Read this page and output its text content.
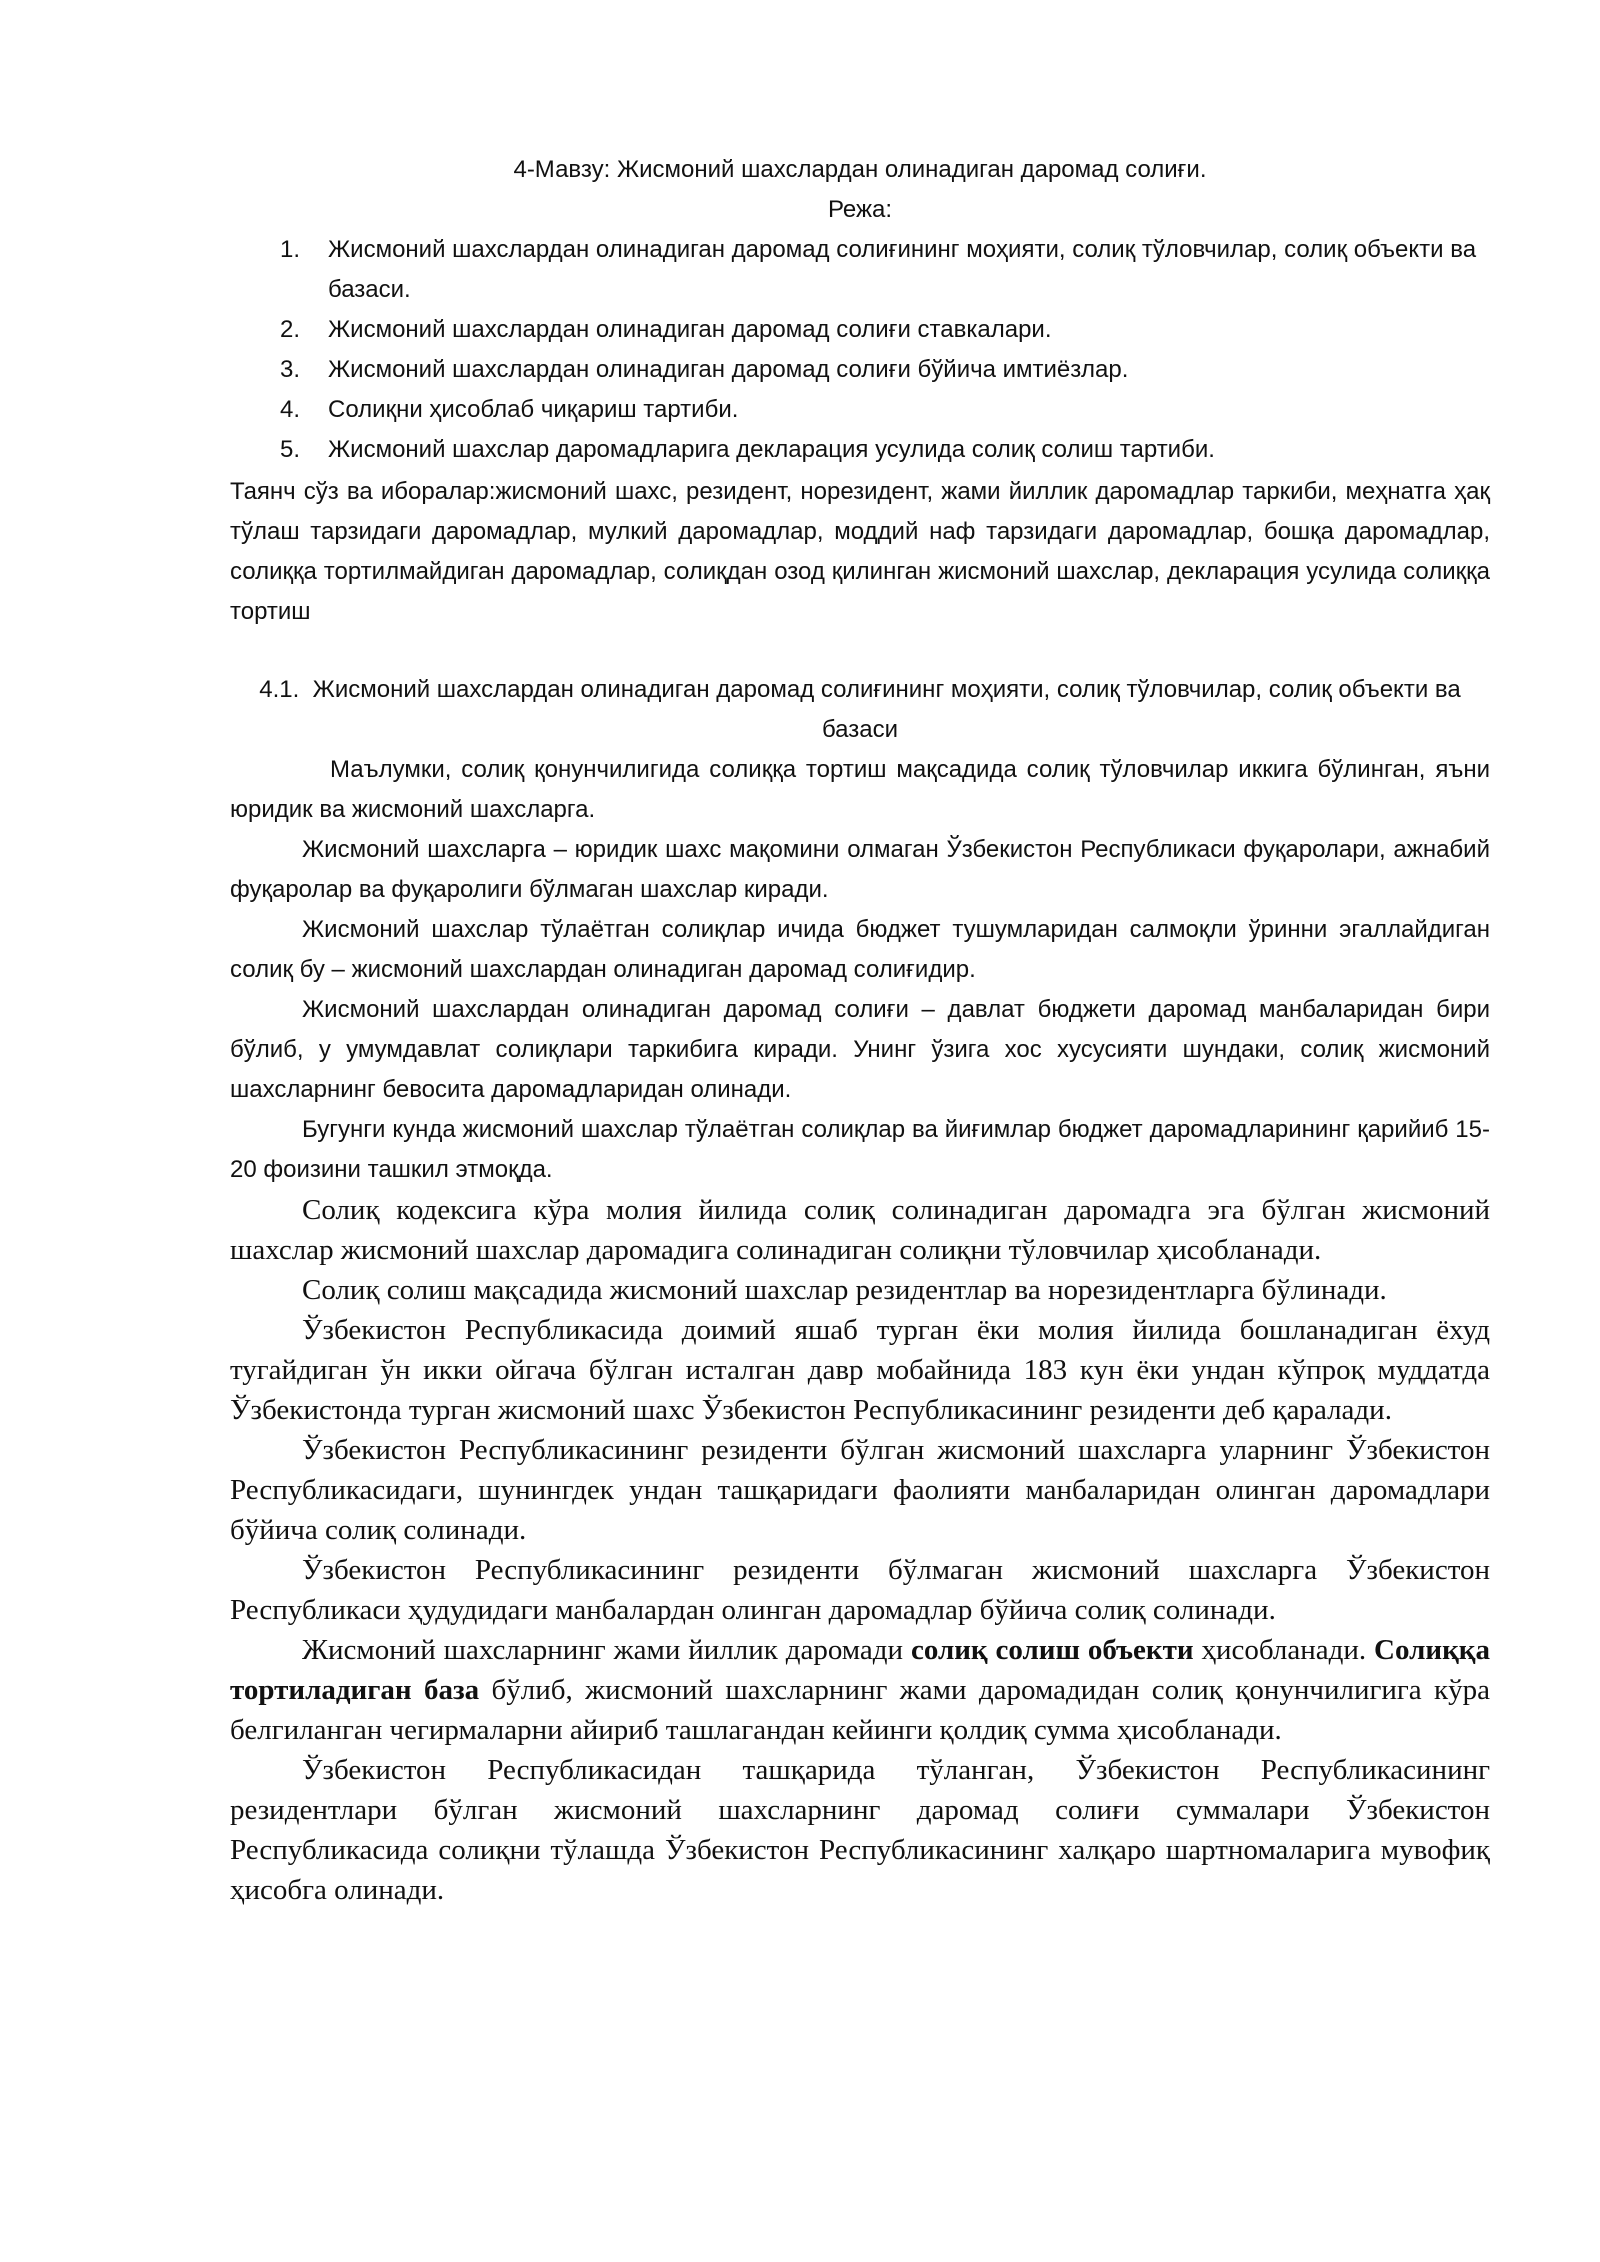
4-Мавзу: Жисмоний шахслардан олинадиган даромад солиғи.

Режа:

1.	Жисмоний шахслардан олинадиган даромад солиғининг моҳияти, солиқ тўловчилар, солиқ объекти ва базаси.
2.	Жисмоний шахслардан олинадиган даромад солиғи ставкалари.
3.	Жисмоний шахслардан олинадиган даромад солиғи бўйича имтиёзлар.
4.	Солиқни ҳисоблаб чиқариш тартиби.
5.	Жисмоний шахслар даромадларига декларация усулида солиқ солиш тартиби.

Таянч сўз ва иборалар:жисмоний шахс, резидент, норезидент, жами йиллик даромадлар таркиби, меҳнатга ҳақ тўлаш тарзидаги даромадлар, мулкий даромадлар, моддий наф тарзидаги даромадлар, бошқа даромадлар, солиққа тортилмайдиган даромадлар, солиқдан озод қилинган жисмоний шахслар, декларация усулида солиққа тортиш

4.1. Жисмоний шахслардан олинадиган даромад солиғининг моҳияти, солиқ тўловчилар, солиқ объекти ва базаси

Маълумки, солиқ қонунчилигида солиққа тортиш мақсадида солиқ тўловчилар иккига бўлинган, яъни юридик ва жисмоний шахсларга.

Жисмоний шахсларга – юридик шахс мақомини олмаган Ўзбекистон Республикаси фуқаролари, ажнабий фуқаролар ва фуқаролиги бўлмаган шахслар киради.

Жисмоний шахслар тўлаётган солиқлар ичида бюджет тушумларидан салмоқли ўринни эгаллайдиган солиқ бу – жисмоний шахслардан олинадиган даромад солиғидир.

Жисмоний шахслардан олинадиган даромад солиғи – давлат бюджети даромад манбаларидан бири бўлиб, у умумдавлат солиқлари таркибига киради. Унинг ўзига хос хусусияти шундаки, солиқ жисмоний шахсларнинг бевосита даромадларидан олинади.

Бугунги кунда жисмоний шахслар тўлаётган солиқлар ва йиғимлар бюджет даромадларининг қарийиб 15-20 фоизини ташкил этмоқда.

Солиқ кодексига кўра молия йилида солиқ солинадиган даромадга эга бўлган жисмоний шахслар жисмоний шахслар даромадига солинадиган солиқни тўловчилар ҳисобланади.

Солиқ солиш мақсадида жисмоний шахслар резидентлар ва норезидентларга бўлинади.

Ўзбекистон Республикасида доимий яшаб турган ёки молия йилида бошланадиган ёхуд тугайдиган ўн икки ойгача бўлган исталган давр мобайнида 183 кун ёки ундан кўпроқ муддатда Ўзбекистонда турган жисмоний шахс Ўзбекистон Республикасининг резиденти деб қаралади.

Ўзбекистон Республикасининг резиденти бўлган жисмоний шахсларга уларнинг Ўзбекистон Республикасидаги, шунингдек ундан ташқаридаги фаолияти манбаларидан олинган даромадлари бўйича солиқ солинади.

Ўзбекистон Республикасининг резиденти бўлмаган жисмоний шахсларга Ўзбекистон Республикаси ҳудудидаги манбалардан олинган даромадлар бўйича солиқ солинади.

Жисмоний шахсларнинг жами йиллик даромади солиқ солиш объекти ҳисобланади. Солиққа тортиладиган база бўлиб, жисмоний шахсларнинг жами даромадидан солиқ қонунчилигига кўра белгиланган чегирмаларни айириб ташлагандан кейинги қолдиқ сумма ҳисобланади.

Ўзбекистон Республикасидан ташқарида тўланган, Ўзбекистон Республикасининг резидентлари бўлган жисмоний шахсларнинг даромад солиғи суммалари Ўзбекистон Республикасида солиқни тўлашда Ўзбекистон Республикасининг халқаро шартномаларига мувофиқ ҳисобга олинади.
